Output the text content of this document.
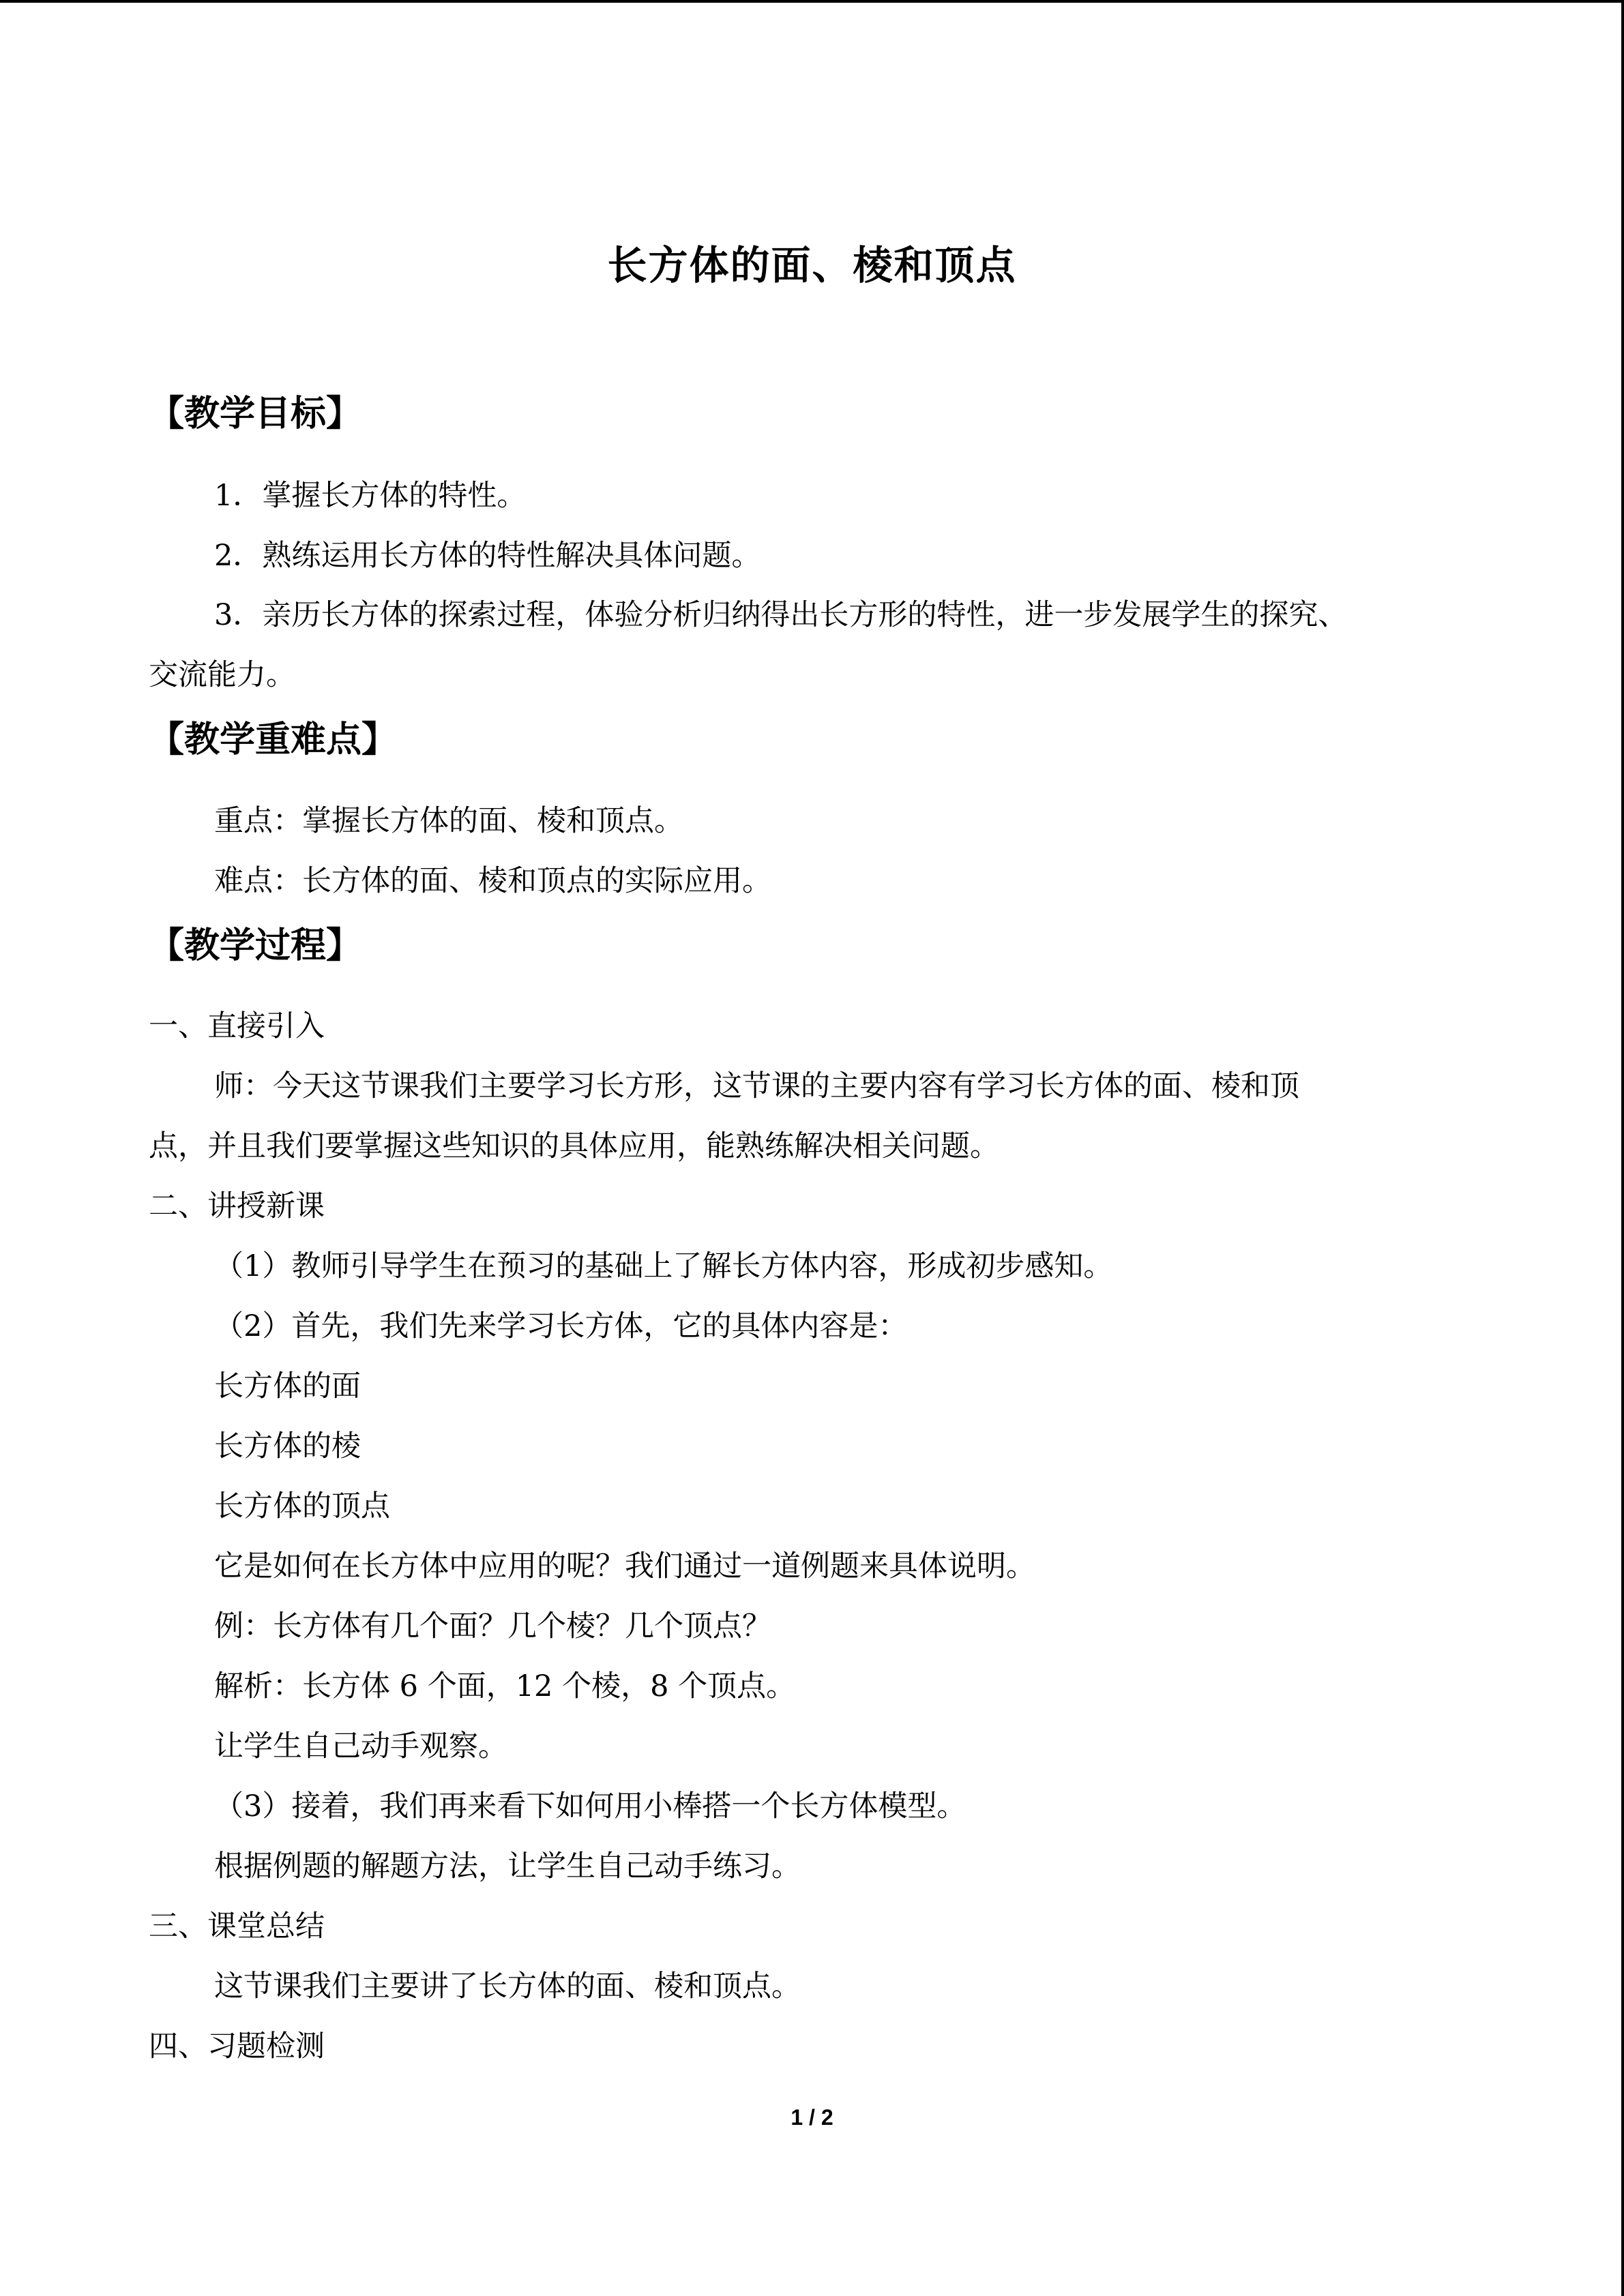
长方体的面、棱和顶点
【教学目标】

1．掌握长方体的特性。

2．熟练运用长方体的特性解决具体问题。

3．亲历长方体的探索过程，体验分析归纳得出长方形的特性，进一步发展学生的探究、

交流能力。

【教学重难点】

重点：掌握长方体的面、棱和顶点。

难点：长方体的面、棱和顶点的实际应用。

【教学过程】

一、直接引入

师：今天这节课我们主要学习长方形，这节课的主要内容有学习长方体的面、棱和顶

点，并且我们要掌握这些知识的具体应用，能熟练解决相关问题。

二、讲授新课

（1）教师引导学生在预习的基础上了解长方体内容，形成初步感知。

（2）首先，我们先来学习长方体，它的具体内容是：

长方体的面

长方体的棱

长方体的顶点

它是如何在长方体中应用的呢？我们通过一道例题来具体说明。

例：长方体有几个面？几个棱？几个顶点？

解析：长方体 6 个面，12 个棱，8 个顶点。

让学生自己动手观察。

（3）接着，我们再来看下如何用小棒搭一个长方体模型。

根据例题的解题方法，让学生自己动手练习。

三、课堂总结

这节课我们主要讲了长方体的面、棱和顶点。

四、习题检测

1 / 2
